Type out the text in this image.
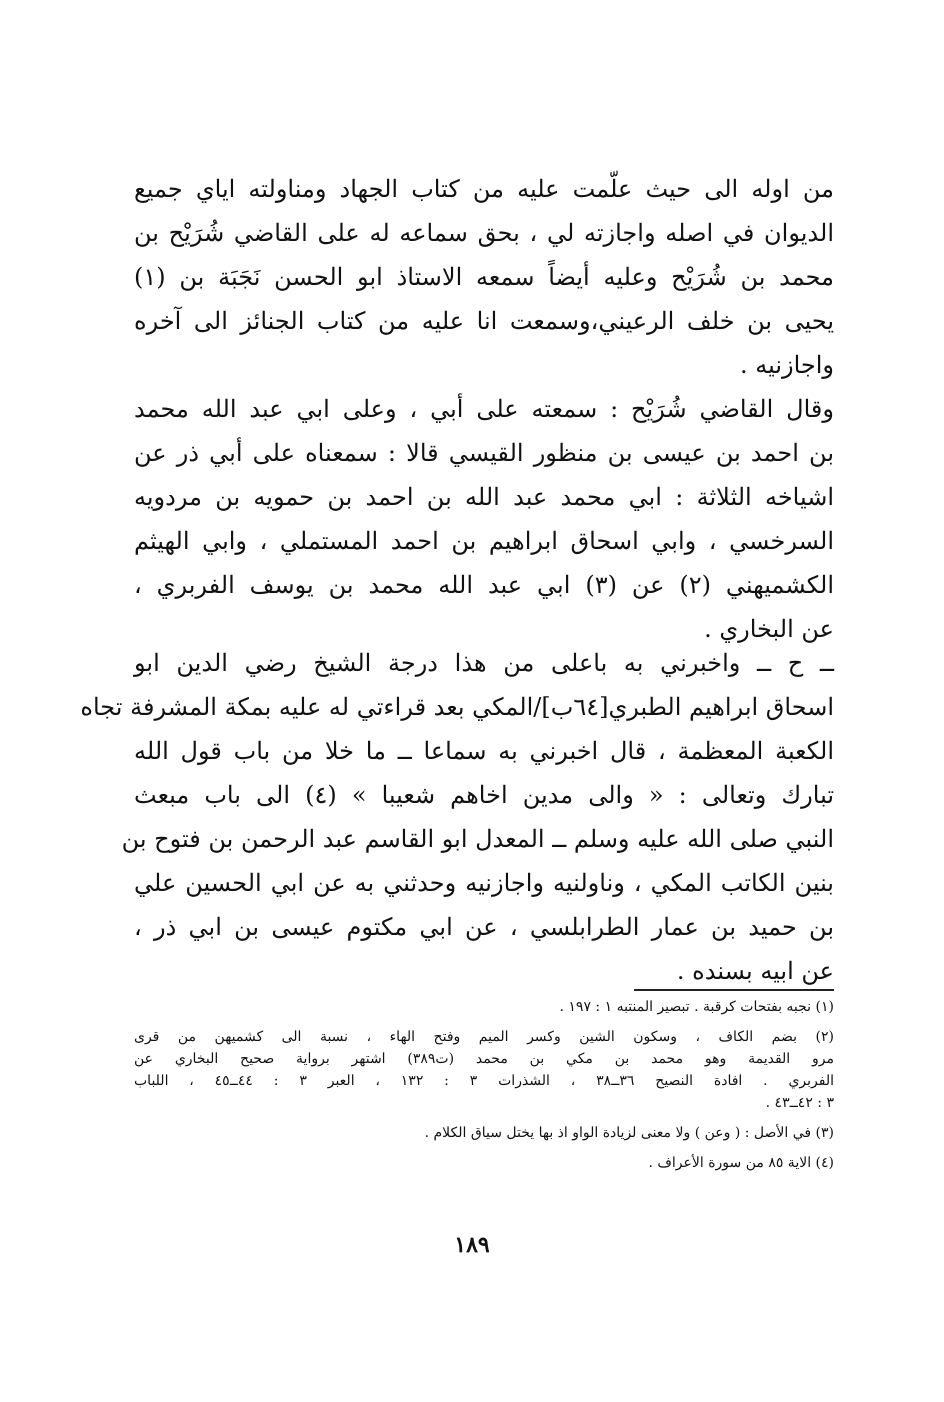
من اوله الى حيث علّمت عليه من كتاب الجهاد ومناولته اياي جميع
الديوان في اصله واجازته لي ، بحق سماعه له على القاضي شُرَيْح بن
محمد بن شُرَيْح وعليه أيضاً سمعه الاستاذ ابو الحسن نَجَبَة بن (١)
يحيى بن خلف الرعيني،وسمعت انا عليه من كتاب الجنائز الى آخره
واجازنيه .
وقال القاضي شُرَيْح : سمعته على أبي ، وعلى ابي عبد الله محمد
بن احمد بن عيسى بن منظور القيسي قالا : سمعناه على أبي ذر عن
اشياخه الثلاثة : ابي محمد عبد الله بن احمد بن حمويه بن مردويه
السرخسي ، وابي اسحاق ابراهيم بن احمد المستملي ، وابي الهيثم
الكشميهني (٢) عن (٣) ابي عبد الله محمد بن يوسف الفربري ،
عن البخاري .
ــ ح ــ واخبرني به باعلى من هذا درجة الشيخ رضي الدين ابو
اسحاق ابراهيم الطبري[٦٤ب]/المكي بعد قراءتي له عليه بمكة المشرفة تجاه
الكعبة المعظمة ، قال اخبرني به سماعا ــ ما خلا من باب قول الله
تبارك وتعالى : « والى مدين اخاهم شعيبا » (٤) الى باب مبعث
النبي صلى الله عليه وسلم ــ المعدل ابو القاسم عبد الرحمن بن فتوح بن
بنين الكاتب المكي ، وناولنيه واجازنيه وحدثني به عن ابي الحسين علي
بن حميد بن عمار الطرابلسي ، عن ابي مكتوم عيسى بن ابي ذر ،
عن ابيه بسنده .
(١) نجبه بفتحات كرقبة . تبصير المنتبه ١ : ١٩٧ .
(٢) بضم الكاف ، وسكون الشين وكسر الميم وفتح الهاء ، نسبة الى كشميهن من قرى
مرو القديمة وهو محمد بن مكي بن محمد (ت٣٨٩) اشتهر برواية صحيح البخاري عن
الفربري . افادة النصيح ٣٦ــ٣٨ ، الشذرات ٣ : ١٣٢ ، العبر ٣ : ٤٤ــ٤٥ ، اللباب
٣ : ٤٢ــ٤٣ .
(٣) في الأصل : ( وعن ) ولا معنى لزيادة الواو اذ بها يختل سياق الكلام .
(٤) الاية ٨٥ من سورة الأعراف .
١٨٩
